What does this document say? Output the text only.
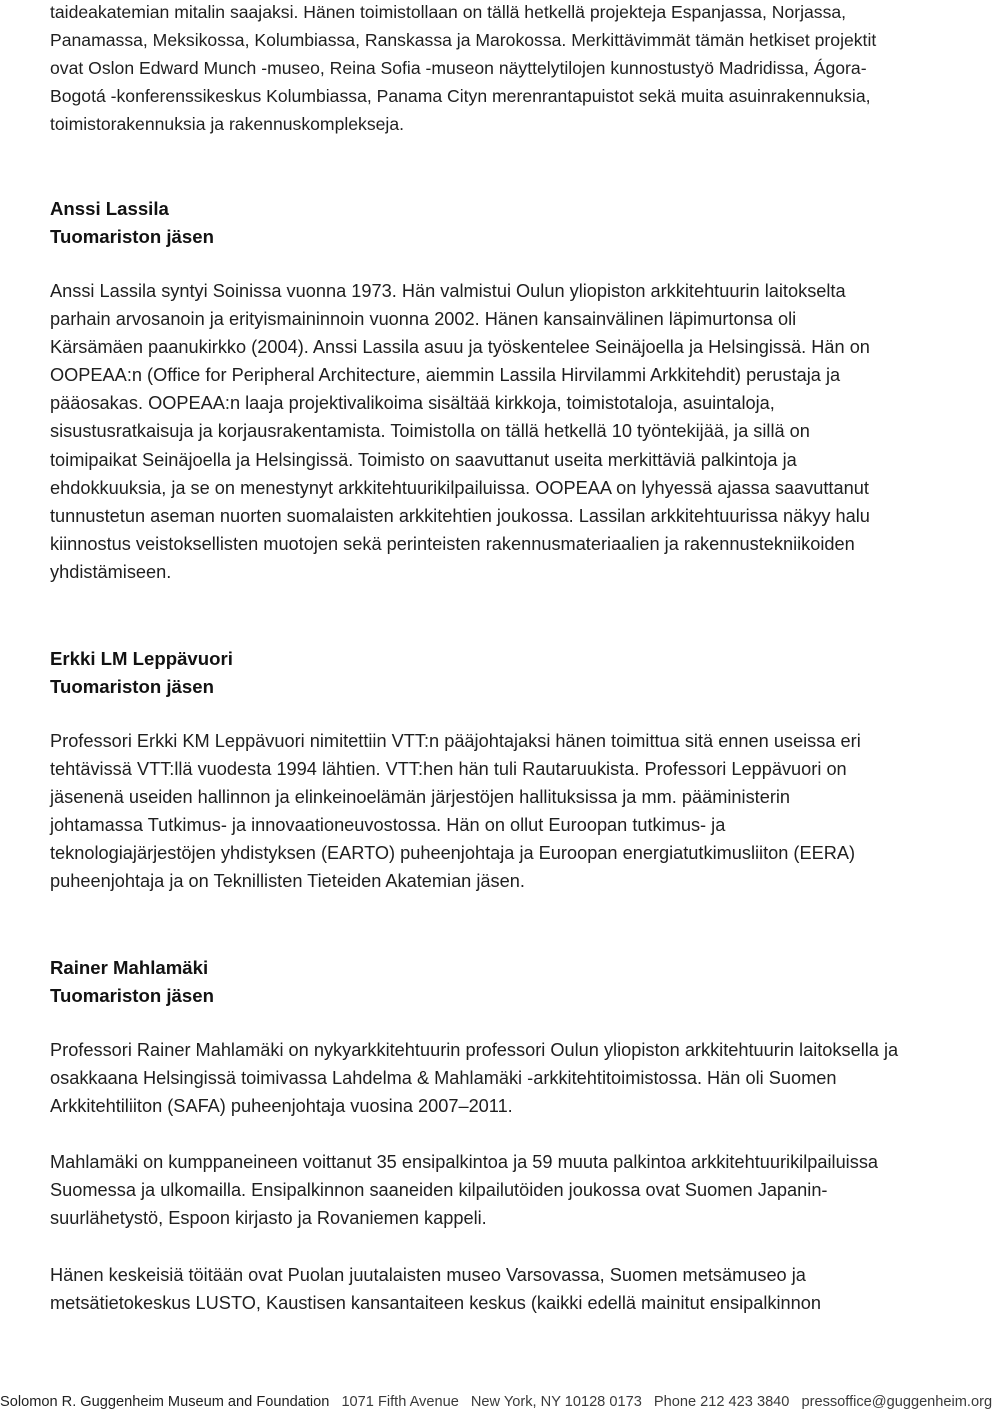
taideakatemian mitalin saajaksi. Hänen toimistollaan on tällä hetkellä projekteja Espanjassa, Norjassa, Panamassa, Meksikossa, Kolumbiassa, Ranskassa ja Marokossa. Merkittävimmät tämän hetkiset projektit ovat Oslon Edward Munch -museo, Reina Sofia -museon näyttelytilojen kunnostustyö Madridissa, Ágora-Bogotá -konferenssikeskus Kolumbiassa, Panama Cityn merenrantapuistot sekä muita asuinrakennuksia, toimistorakennuksia ja rakennuskomplekseja.

Anssi Lassila
Tuomariston jäsen

Anssi Lassila syntyi Soinissa vuonna 1973. Hän valmistui Oulun yliopiston arkkitehtuurin laitokselta parhain arvosanoin ja erityismaininnoin vuonna 2002. Hänen kansainvälinen läpimurtonsa oli Kärsämäen paanukirkko (2004). Anssi Lassila asuu ja työskentelee Seinäjoella ja Helsingissä. Hän on OOPEAA:n (Office for Peripheral Architecture, aiemmin Lassila Hirvilammi Arkkitehdit) perustaja ja pääosakas. OOPEAA:n laaja projektivalikoima sisältää kirkkoja, toimistotaloja, asuintaloja, sisustusratkaisuja ja korjausrakentamista. Toimistolla on tällä hetkellä 10 työntekijää, ja sillä on toimipaikat Seinäjoella ja Helsingissä. Toimisto on saavuttanut useita merkittäviä palkintoja ja ehdokkuuksia, ja se on menestynyt arkkitehtuurikilpailuissa. OOPEAA on lyhyessä ajassa saavuttanut tunnustetun aseman nuorten suomalaisten arkkitehtien joukossa. Lassilan arkkitehtuurissa näkyy halu kiinnostus veistoksellisten muotojen sekä perinteisten rakennusmateriaalien ja rakennustekniikoiden yhdistämiseen.

Erkki LM Leppävuori
Tuomariston jäsen

Professori Erkki KM Leppävuori nimitettiin VTT:n pääjohtajaksi hänen toimittua sitä ennen useissa eri tehtävissä VTT:llä vuodesta 1994 lähtien. VTT:hen hän tuli Rautaruukista. Professori Leppävuori on jäsenenä useiden hallinnon ja elinkeinoelämän järjestöjen hallituksissa ja mm. pääministerin johtamassa Tutkimus- ja innovaationeuvostossa. Hän on ollut Euroopan tutkimus- ja teknologiajärjestöjen yhdistyksen (EARTO) puheenjohtaja ja Euroopan energiatutkimusliiton (EERA) puheenjohtaja ja on Teknillisten Tieteiden Akatemian jäsen.

Rainer Mahlamäki
Tuomariston jäsen

Professori Rainer Mahlamäki on nykyarkkitehtuurin professori Oulun yliopiston arkkitehtuurin laitoksella ja osakkaana Helsingissä toimivassa Lahdelma & Mahlamäki -arkkitehtitoimistossa. Hän oli Suomen Arkkitehtiliiton (SAFA) puheenjohtaja vuosina 2007–2011.

Mahlamäki on kumppaneineen voittanut 35 ensipalkintoa ja 59 muuta palkintoa arkkitehtuurikilpailuissa Suomessa ja ulkomailla. Ensipalkinnon saaneiden kilpailutöiden joukossa ovat Suomen Japanin-suurlähetystö, Espoon kirjasto ja Rovaniemen kappeli.

Hänen keskeisiä töitään ovat Puolan juutalaisten museo Varsovassa, Suomen metsämuseo ja metsätietokeskus LUSTO, Kaustisen kansantaiteen keskus (kaikki edellä mainitut ensipalkinnon

Solomon R. Guggenheim Museum and Foundation 1071 Fifth Avenue New York, NY 10128 0173 Phone 212 423 3840 pressoffice@guggenheim.org
